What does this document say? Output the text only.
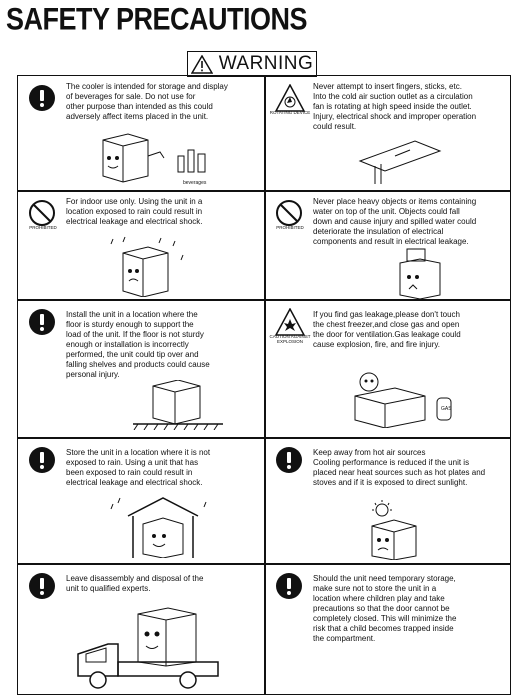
SAFETY PRECAUTIONS
WARNING
The cooler is intended for storage and display
of beverages for sale. Do not use for
other purpose than intended as this could
adversely affect items placed in the unit.
beverages
ROTATING DEVICE
Never attempt to insert fingers, sticks, etc.
Into the cold air suction outlet as a circulation
fan is rotating at high speed inside the outlet.
Injury, electrical shock and improper operation
could result.
PROHIBITED
For indoor use only. Using the unit in a
location exposed to rain could result in
electrical leakage and electrical shock.
PROHIBITED
Never place heavy objects or items containing
water on top of the unit. Objects could fall
down and cause injury and spilled water could
deteriorate the insulation of electrical
components and result in electrical leakage.
Install the unit in a location where the
floor is sturdy enough to support the
load of the unit. If the floor is not sturdy
enough or installation is incorrectly
performed, the unit could tip over and
falling shelves and products could cause
personal injury.
CAUTION AGAINST EXPLOSION
If you find gas leakage,please don't touch
the chest freezer,and close gas and open
the door for ventilation.Gas leakage could
cause explosion, fire, and fire injury.
GAS
Store the unit in a location where it is not
exposed to rain. Using a unit that has
been exposed to rain could result in
electrical leakage and electrical shock.
Keep away from hot air sources
Cooling performance is reduced if the unit is
placed near heat sources such as hot plates and
stoves and if it is exposed to direct sunlight.
Leave disassembly and disposal of the
unit to qualified experts.
Should the unit need temporary storage,
make sure not to store the unit in a
location where children play and take
precautions so that the door cannot be
completely closed. This will minimize the
risk that a child becomes trapped inside
the compartment.
